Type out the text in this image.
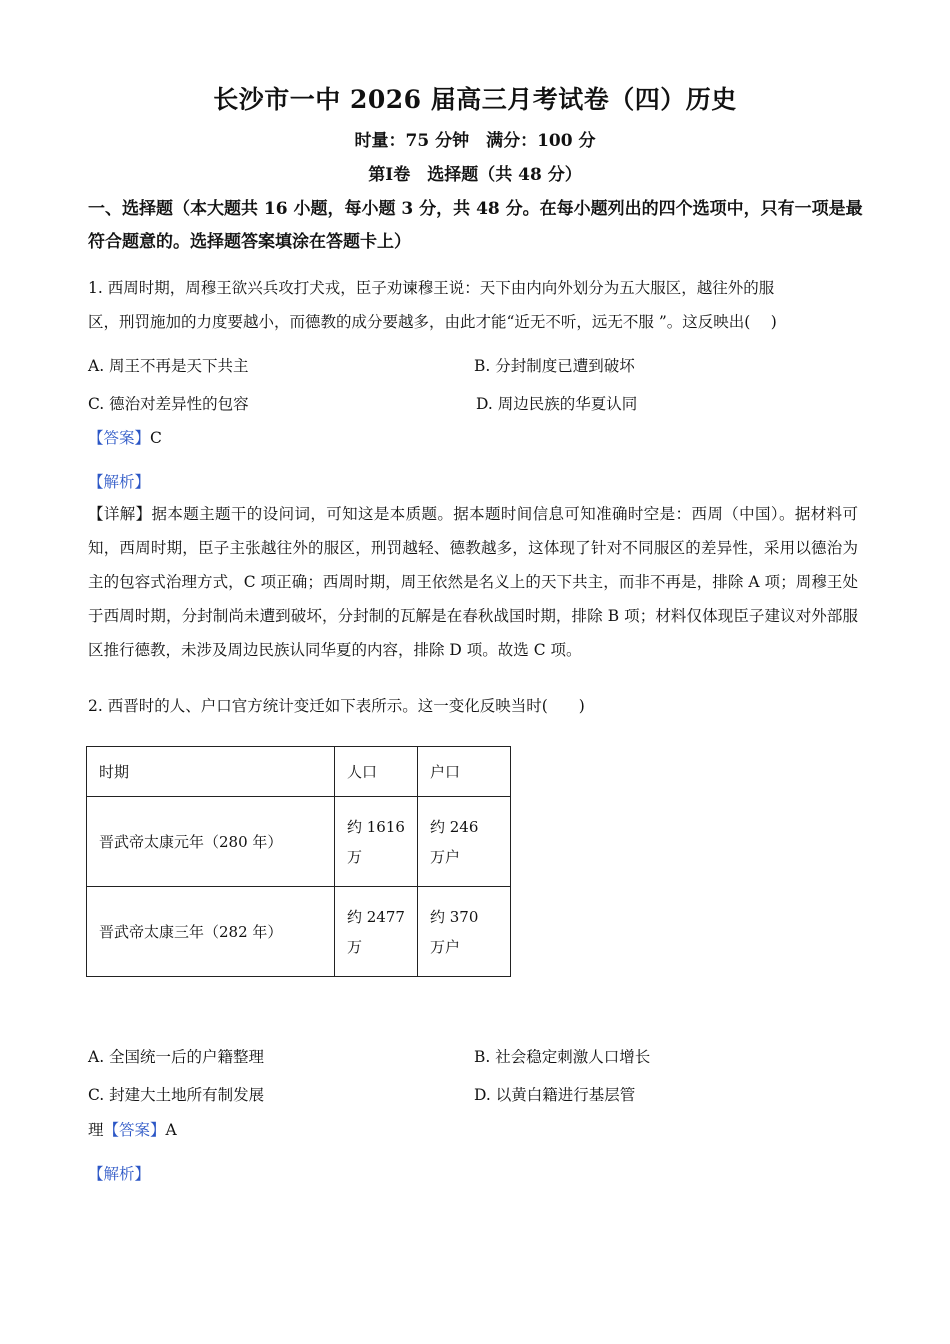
长沙市一中 2026 届高三月考试卷（四）历史
时量：75 分钟　满分：100 分
第Ⅰ卷　选择题（共 48 分）
一、选择题（本大题共 16 小题，每小题 3 分，共 48 分。在每小题列出的四个选项中，只有一项是最符合题意的。选择题答案填涂在答题卡上）
1. 西周时期，周穆王欲兴兵攻打犬戎，臣子劝谏穆王说：天下由内向外划分为五大服区，越往外的服
区，刑罚施加的力度要越小，而德教的成分要越多，由此才能“近无不听，远无不服 ”。这反映出(　 )
A. 周王不再是天下共主	B. 分封制度已遭到破坏
C. 德治对差异性的包容	D. 周边民族的华夏认同
【答案】C
【解析】
【详解】据本题主题干的设问词，可知这是本质题。据本题时间信息可知准确时空是：西周（中国）。据材料可知，西周时期，臣子主张越往外的服区，刑罚越轻、德教越多，这体现了针对不同服区的差异性，采用以德治为主的包容式治理方式，C 项正确；西周时期，周王依然是名义上的天下共主，而非不再是，排除 A 项；周穆王处于西周时期，分封制尚未遭到破坏，分封制的瓦解是在春秋战国时期，排除 B 项；材料仅体现臣子建议对外部服区推行德教，未涉及周边民族认同华夏的内容，排除 D 项。故选 C 项。
2. 西晋时的人、户口官方统计变迁如下表所示。这一变化反映当时(　　)
时期	人口	户口
晋武帝太康元年（280 年）	约 1616 万	约 246 万户
晋武帝太康三年（282 年）	约 2477 万	约 370 万户
A. 全国统一后的户籍整理	B. 社会稳定刺激人口增长
C. 封建大土地所有制发展	D. 以黄白籍进行基层管
理【答案】A
【解析】
